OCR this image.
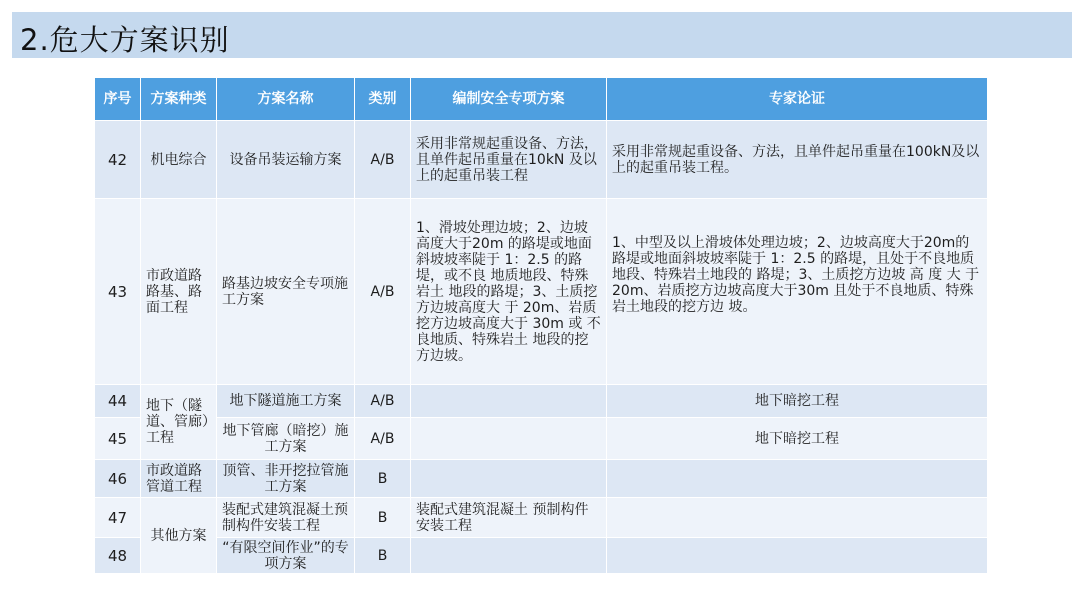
2.危大方案识别
序号	方案种类	方案名称	类别	编制安全专项方案	专家论证
42	机电综合	设备吊装运输方案	A/B	采用非常规起重设备、方法，且单件起吊重量在10kN 及以上的起重吊装工程	采用非常规起重设备、方法，且单件起吊重量在100kN及以上的起重吊装工程。
43	市政道路路基、路面工程	路基边坡安全专项施工方案	A/B	1、滑坡处理边坡；2、边坡高度大于20m 的路堤或地面 斜坡坡率陡于 1：2.5 的路堤，或不良 地质地段、特殊岩土 地段的路堤；3、土质挖方边坡高度大 于 20m、岩质挖方边坡高度大于 30m 或 不良地质、特殊岩土 地段的挖方边坡。	1、中型及以上滑坡体处理边坡；2、边坡高度大于20m的路堤或地面斜坡坡率陡于 1：2.5 的路堤，且处于不良地质地段、特殊岩土地段的 路堤；3、土质挖方边坡 高 度 大 于 20m、岩质挖方边坡高度大于30m 且处于不良地质、特殊岩土地段的挖方边 坡。
44	地下（隧道、管廊）工程	地下隧道施工方案	A/B		地下暗挖工程
45		地下管廊（暗挖）施工方案	A/B		地下暗挖工程
46	市政道路管道工程	顶管、非开挖拉管施工方案	B		
47	其他方案	装配式建筑混凝土预制构件安装工程	B	装配式建筑混凝土 预制构件安装工程	
48		“有限空间作业”的专项方案	B		
